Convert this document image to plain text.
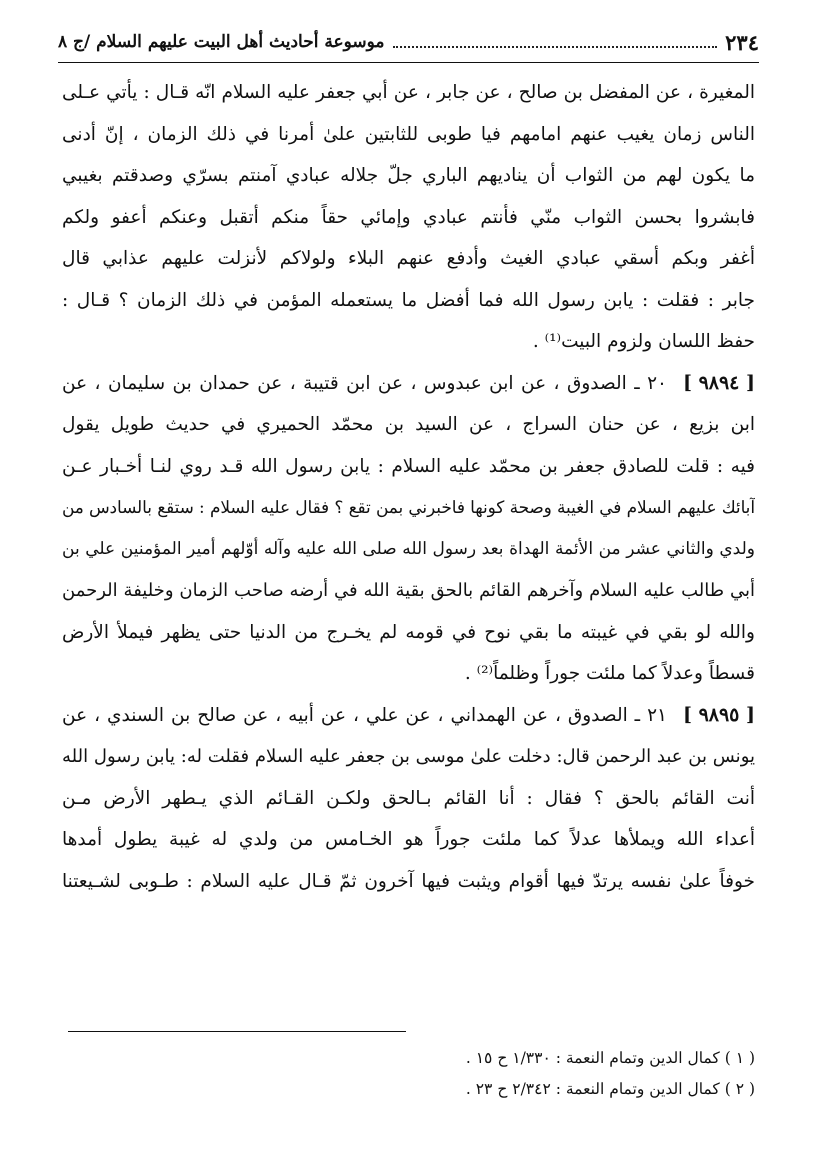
٢٣٤
موسوعة أحاديث أهل البيت عليهم السلام /ج ٨
المغيرة ، عن المفضل بن صالح ، عن جابر ، عن أبي جعفر عليه السلام انّه قـال : يأتي عـلى
الناس زمان يغيب عنهم امامهم فيا طوبى للثابتين علىٰ أمرنا في ذلك الزمان ، إنّ أدنى
ما يكون لهم من الثواب أن يناديهم الباري جلّ جلاله عبادي آمنتم بسرّي وصدقتم بغيبي
فابشروا بحسن الثواب منّي فأنتم عبادي وإمائي حقاً منكم أتقبل وعنكم أعفو ولكم
أغفر وبكم أسقي عبادي الغيث وأدفع عنهم البلاء ولولاكم لأنزلت عليهم عذابي قال
جابر : فقلت : يابن رسول الله فما أفضل ما يستعمله المؤمن في ذلك الزمان ؟ قـال :
حفظ اللسان ولزوم البيت⁽¹⁾ .
[ ٩٨٩٤ ]
٢٠ ـ الصدوق ، عن ابن عبدوس ، عن ابن قتيبة ، عن حمدان بن سليمان ، عن
ابن بزيع ، عن حنان السراج ، عن السيد بن محمّد الحميري في حديث طويل يقول
فيه : قلت للصادق جعفر بن محمّد عليه السلام : يابن رسول الله قـد روي لنـا أخـبار عـن
آبائك عليهم السلام في الغيبة وصحة كونها فاخبرني بمن تقع ؟ فقال عليه السلام : ستقع بالسادس من
ولدي والثاني عشر من الأئمة الهداة بعد رسول الله صلى الله عليه وآله أوّلهم أمير المؤمنين علي بن
أبي طالب عليه السلام وآخرهم القائم بالحق بقية الله في أرضه صاحب الزمان وخليفة الرحمن
والله لو بقي في غيبته ما بقي نوح في قومه لم يخـرج من الدنيا حتى يظهر فيملأ الأرض
قسطاً وعدلاً كما ملئت جوراً وظلماً⁽²⁾ .
[ ٩٨٩٥ ]
٢١ ـ الصدوق ، عن الهمداني ، عن علي ، عن أبيه ، عن صالح بن السندي ، عن
يونس بن عبد الرحمن قال: دخلت علىٰ موسى بن جعفر عليه السلام فقلت له: يابن رسول الله
أنت القائم بالحق ؟ فقال : أنا القائم بـالحق ولكـن القـائم الذي يـطهر الأرض مـن
أعداء الله ويملأها عدلاً كما ملئت جوراً هو الخـامس من ولدي له غيبة يطول أمدها
خوفاً علىٰ نفسه يرتدّ فيها أقوام ويثبت فيها آخرون ثمّ قـال عليه السلام : طـوبى لشـيعتنا
( ١ ) كمال الدين وتمام النعمة : ١/٣٣٠ ح ١٥ .
( ٢ ) كمال الدين وتمام النعمة : ٢/٣٤٢ ح ٢٣ .
